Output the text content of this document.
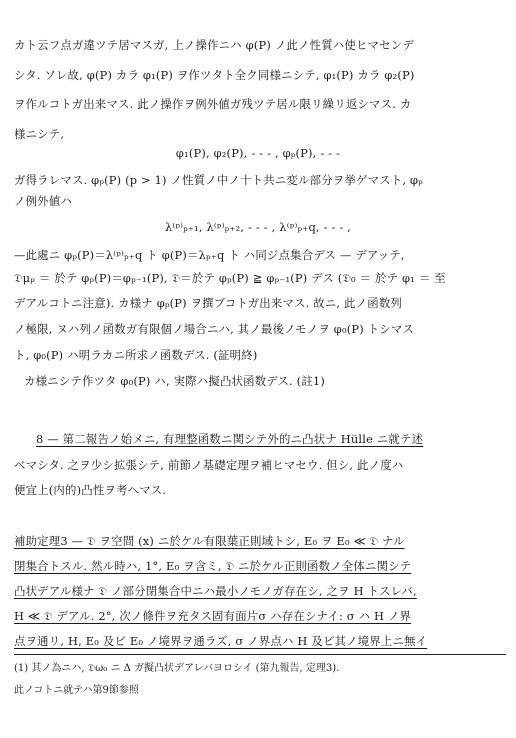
カト云フ点ガ違ツテ居マスガ, 上ノ操作ニハ φ(P) ノ此ノ性質ハ使ヒマセンデ
シタ. ソレ故, φ(P) カラ φ₁(P) ヲ作ツタト全ク同様ニシテ, φ₁(P) カラ φ₂(P)
ヲ作ルコトガ出来マス. 此ノ操作ヲ例外値ガ残ツテ居ル限リ繰リ返シマス. カ
様ニシテ,
φ₁(P), φ₂(P), - - - , φₚ(P), - - -
ガ得ラレマス. φₚ(P) (p > 1) ノ性質ノ中ノ十ト共ニ変ル部分ヲ挙ゲマスト, φₚ
ノ例外値ハ
λ⁽ᵖ⁾ₚ₊₁, λ⁽ᵖ⁾ₚ₊₂, - - - , λ⁽ᵖ⁾ₚ₊q, - - - ,
—此處ニ φₚ(P)＝λ⁽ᵖ⁾ₚ₊q ト φ(P)＝λₚ₊q ト ハ同ジ点集合デス — デアッテ,
𝔇μₚ ＝ 於テ φₚ(P)＝φₚ₋₁(P), 𝔇＝於テ φₚ(P) ≧ φₚ₋₁(P) デス (𝔇₀ ＝ 於テ φ₁ ＝ 至
デアルコトニ注意). カ様ナ φₚ(P) ヲ撰ブコトガ出来マス. 故ニ, 此ノ函数列
ノ極限, ヌハ列ノ函数ガ有限個ノ場合ニハ, 其ノ最後ノモノヲ φ₀(P) トシマス
ト, φ₀(P) ハ明ラカニ所求ノ函数デス. (証明終)
カ様ニシテ作ツタ φ₀(P) ハ, 実際ハ擬凸状函数デス. (註1)
8 — 第二報告ノ始メニ, 有理整函数ニ関シテ外的ニ凸状ナ Hülle ニ就テ述
ベマシタ. 之ヲ少シ拡張シテ, 前節ノ基礎定理ヲ補ヒマセウ. 但シ, 此ノ度ハ
便宜上(内的)凸性ヲ考ヘマス.
補助定理3 — 𝔇 ヲ空間 (x) ニ於ケル有限葉正則域トシ, E₀ ヲ E₀ ≪ 𝔇 ナル
閉集合トスル. 然ル時ハ, 1°, E₀ ヲ含ミ, 𝔇 ニ於ケル正則函数ノ全体ニ関シテ
凸状デアル様ナ 𝔇 ノ部分閉集合中ニハ最小ノモノガ存在シ, 之ヲ H トスレバ,
H ≪ 𝔇 デアル. 2°, 次ノ條件ヲ充タス固有面片σ ハ存在シナイ: σ ハ H ノ界
点ヲ通リ, H, E₀ 及ビ E₀ ノ境界ヲ通ラズ, σ ノ界点ハ H 及ビ其ノ境界上ニ無イ
(1) 其ノ為ニハ, 𝔇ω₀ ニ Δ ガ擬凸状デアレバヨロシイ (第九報告, 定理3).
此ノコトニ就テハ第9節参照
